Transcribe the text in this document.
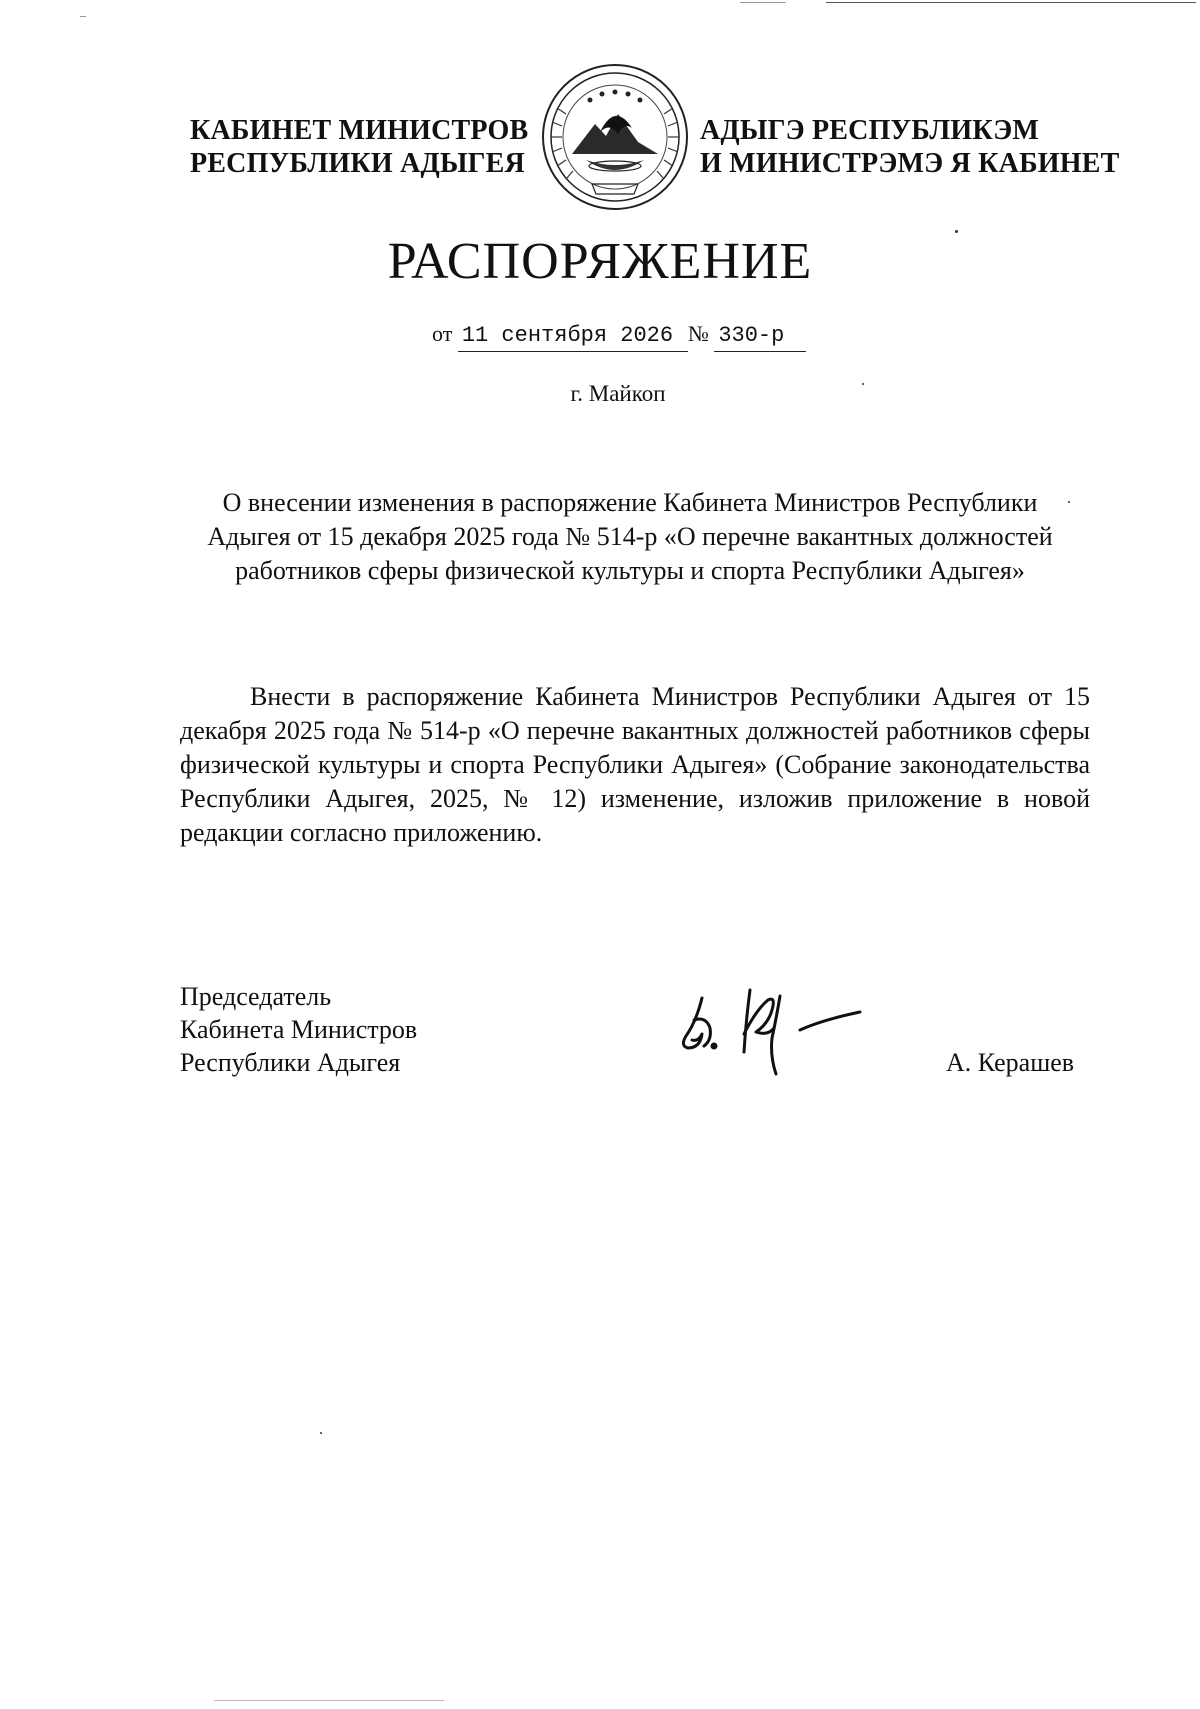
КАБИНЕТ МИНИСТРОВ
РЕСПУБЛИКИ АДЫГЕЯ
АДЫГЭ РЕСПУБЛИКЭМ
И МИНИСТРЭМЭ Я КАБИНЕТ
РАСПОРЯЖЕНИЕ
от 11 сентября 2026 № 330-р
г. Майкоп
О внесении изменения в распоряжение Кабинета Министров Республики Адыгея от 15 декабря 2025 года № 514-р «О перечне вакантных должностей работников сферы физической культуры и спорта Республики Адыгея»
Внести в распоряжение Кабинета Министров Республики Адыгея от 15 декабря 2025 года № 514-р «О перечне вакантных должностей работников сферы физической культуры и спорта Республики Адыгея» (Собрание законодательства Республики Адыгея, 2025, № 12) изменение, изложив приложение в новой редакции согласно приложению.
Председатель
Кабинета Министров
Республики Адыгея	А. Керашев
